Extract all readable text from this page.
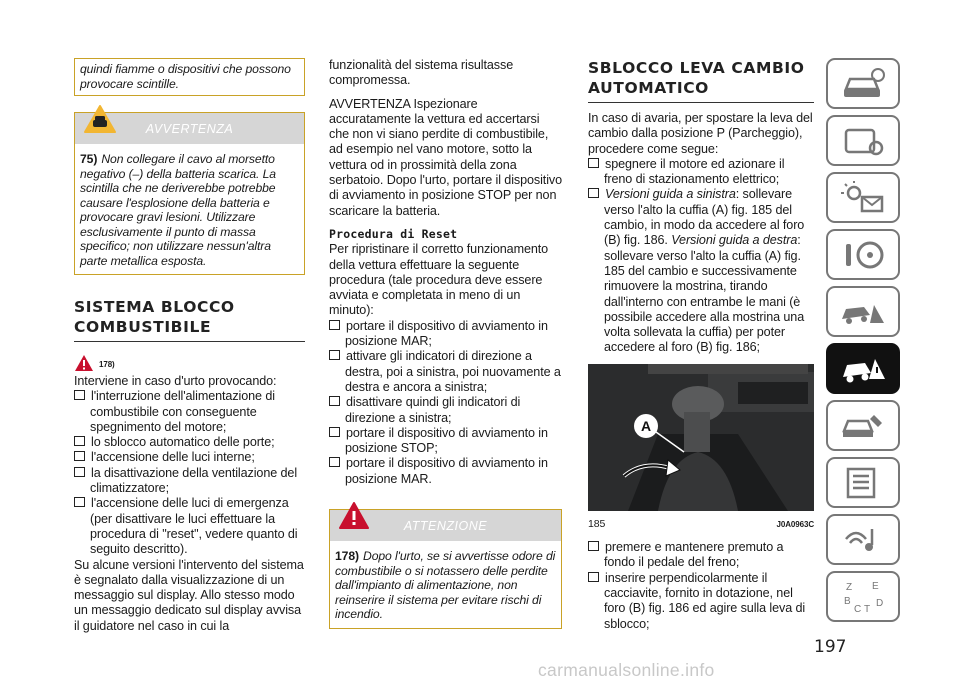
quindi fiamme o dispositivi che possono provocare scintille.
AVVERTENZA
75) Non collegare il cavo al morsetto negativo (–) della batteria scarica. La scintilla che ne deriverebbe potrebbe causare l'esplosione della batteria e provocare gravi lesioni. Utilizzare esclusivamente il punto di massa specifico; non utilizzare nessun'altra parte metallica esposta.
SISTEMA BLOCCO
COMBUSTIBILE
178)

Interviene in caso d'urto provocando:

l'interruzione dell'alimentazione di combustibile con conseguente spegnimento del motore;
lo sblocco automatico delle porte;
l'accensione delle luci interne;
la disattivazione della ventilazione del climatizzatore;
l'accensione delle luci di emergenza (per disattivare le luci effettuare la procedura di "reset", vedere quanto di seguito descritto).

Su alcune versioni l'intervento del sistema è segnalato dalla visualizzazione di un messaggio sul display. Allo stesso modo un messaggio dedicato sul display avvisa il guidatore nel caso in cui la

funzionalità del sistema risultasse compromessa.

AVVERTENZA Ispezionare accuratamente la vettura ed accertarsi che non vi siano perdite di combustibile, ad esempio nel vano motore, sotto la vettura od in prossimità della zona serbatoio. Dopo l'urto, portare il dispositivo di avviamento in posizione STOP per non scaricare la batteria.

Procedura di Reset

Per ripristinare il corretto funzionamento della vettura effettuare la seguente procedura (tale procedura deve essere avviata e completata in meno di un minuto):

portare il dispositivo di avviamento in posizione MAR;
attivare gli indicatori di direzione a destra, poi a sinistra, poi nuovamente a destra e ancora a sinistra;
disattivare quindi gli indicatori di direzione a sinistra;
portare il dispositivo di avviamento in posizione STOP;
portare il dispositivo di avviamento in posizione MAR.
ATTENZIONE
178) Dopo l'urto, se si avvertisse odore di combustibile o si notassero delle perdite dall'impianto di alimentazione, non reinserire il sistema per evitare rischi di incendio.
SBLOCCO LEVA CAMBIO
AUTOMATICO

In caso di avaria, per spostare la leva del cambio dalla posizione P (Parcheggio), procedere come segue:

spegnere il motore ed azionare il freno di stazionamento elettrico;
Versioni guida a sinistra: sollevare verso l'alto la cuffia (A) fig. 185 del cambio, in modo da accedere al foro (B) fig. 186. Versioni guida a destra: sollevare verso l'alto la cuffia (A) fig. 185 del cambio e successivamente rimuovere la mostrina, tirando dall'interno con entrambe le mani (è possibile accedere alla mostrina una volta sollevata la cuffia) per poter accedere al foro (B) fig. 186;
A
185	J0A0963C
premere e mantenere premuto a fondo il pedale del freno;
inserire perpendicolarmente il cacciavite, fornito in dotazione, nel foro (B) fig. 186 ed agire sulla leva di sblocco;
Z E
B
C
D
T
197
carmanualsonline.info
